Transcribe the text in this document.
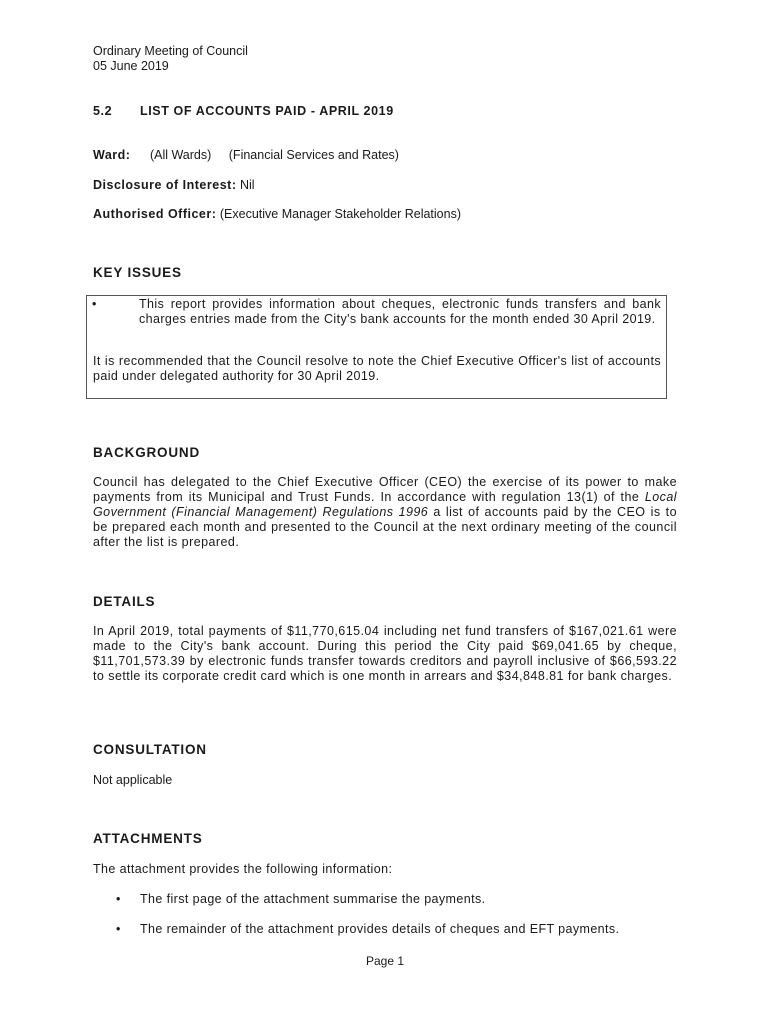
Ordinary Meeting of Council
05 June 2019
5.2 LIST OF ACCOUNTS PAID - APRIL 2019
Ward: (All Wards) (Financial Services and Rates)
Disclosure of Interest: Nil
Authorised Officer: (Executive Manager Stakeholder Relations)
KEY ISSUES
•	This report provides information about cheques, electronic funds transfers and bank charges entries made from the City's bank accounts for the month ended 30 April 2019.
It is recommended that the Council resolve to note the Chief Executive Officer's list of accounts paid under delegated authority for 30 April 2019.
BACKGROUND
Council has delegated to the Chief Executive Officer (CEO) the exercise of its power to make payments from its Municipal and Trust Funds. In accordance with regulation 13(1) of the Local Government (Financial Management) Regulations 1996 a list of accounts paid by the CEO is to be prepared each month and presented to the Council at the next ordinary meeting of the council after the list is prepared.
DETAILS
In April 2019, total payments of $11,770,615.04 including net fund transfers of $167,021.61 were made to the City's bank account. During this period the City paid $69,041.65 by cheque, $11,701,573.39 by electronic funds transfer towards creditors and payroll inclusive of $66,593.22 to settle its corporate credit card which is one month in arrears and $34,848.81 for bank charges.
CONSULTATION
Not applicable
ATTACHMENTS
The attachment provides the following information:
• The first page of the attachment summarise the payments.
• The remainder of the attachment provides details of cheques and EFT payments.
Page 1
